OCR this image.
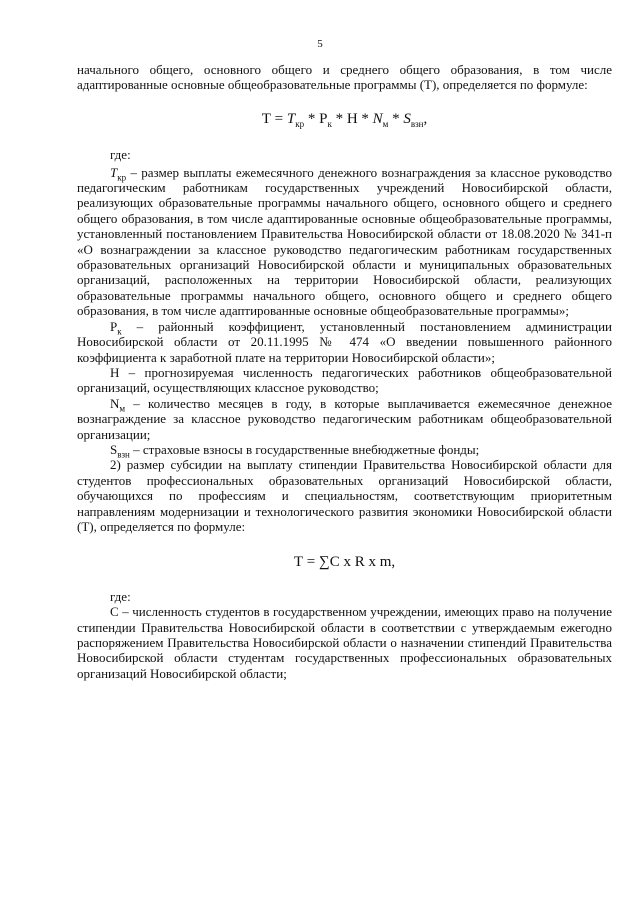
5

начального общего, основного общего и среднего общего образования, в том числе адаптированные основные общеобразовательные программы (Т), определяется по формуле:

$Т = T_{кр} * Р_к * Н * N_м * S_{взн}$,

где:

$T_{кр}$ – размер выплаты ежемесячного денежного вознаграждения за классное руководство педагогическим работникам государственных учреждений Новосибирской области, реализующих образовательные программы начального общего, основного общего и среднего общего образования, в том числе адаптированные основные общеобразовательные программы, установленный постановлением Правительства Новосибирской области от 18.08.2020 № 341-п «О вознаграждении за классное руководство педагогическим работникам государственных образовательных организаций Новосибирской области и муниципальных образовательных организаций, расположенных на территории Новосибирской области, реализующих образовательные программы начального общего, основного общего и среднего общего образования, в том числе адаптированные основные общеобразовательные программы»;

$Р_к$ – районный коэффициент, установленный постановлением администрации Новосибирской области от 20.11.1995 № 474 «О введении повышенного районного коэффициента к заработной плате на территории Новосибирской области»;

Н – прогнозируемая численность педагогических работников общеобразовательной организаций, осуществляющих классное руководство;

$N_м$ – количество месяцев в году, в которые выплачивается ежемесячное денежное вознаграждение за классное руководство педагогическим работникам общеобразовательной организации;

$S_{взн}$ – страховые взносы в государственные внебюджетные фонды;

2) размер субсидии на выплату стипендии Правительства Новосибирской области для студентов профессиональных образовательных организаций Новосибирской области, обучающихся по профессиям и специальностям, соответствующим приоритетным направлениям модернизации и технологического развития экономики Новосибирской области (Т), определяется по формуле:

Т = ∑С х R х m,

где:

С – численность студентов в государственном учреждении, имеющих право на получение стипендии Правительства Новосибирской области в соответствии с утверждаемым ежегодно распоряжением Правительства Новосибирской области о назначении стипендий Правительства Новосибирской области студентам государственных профессиональных образовательных организаций Новосибирской области;
